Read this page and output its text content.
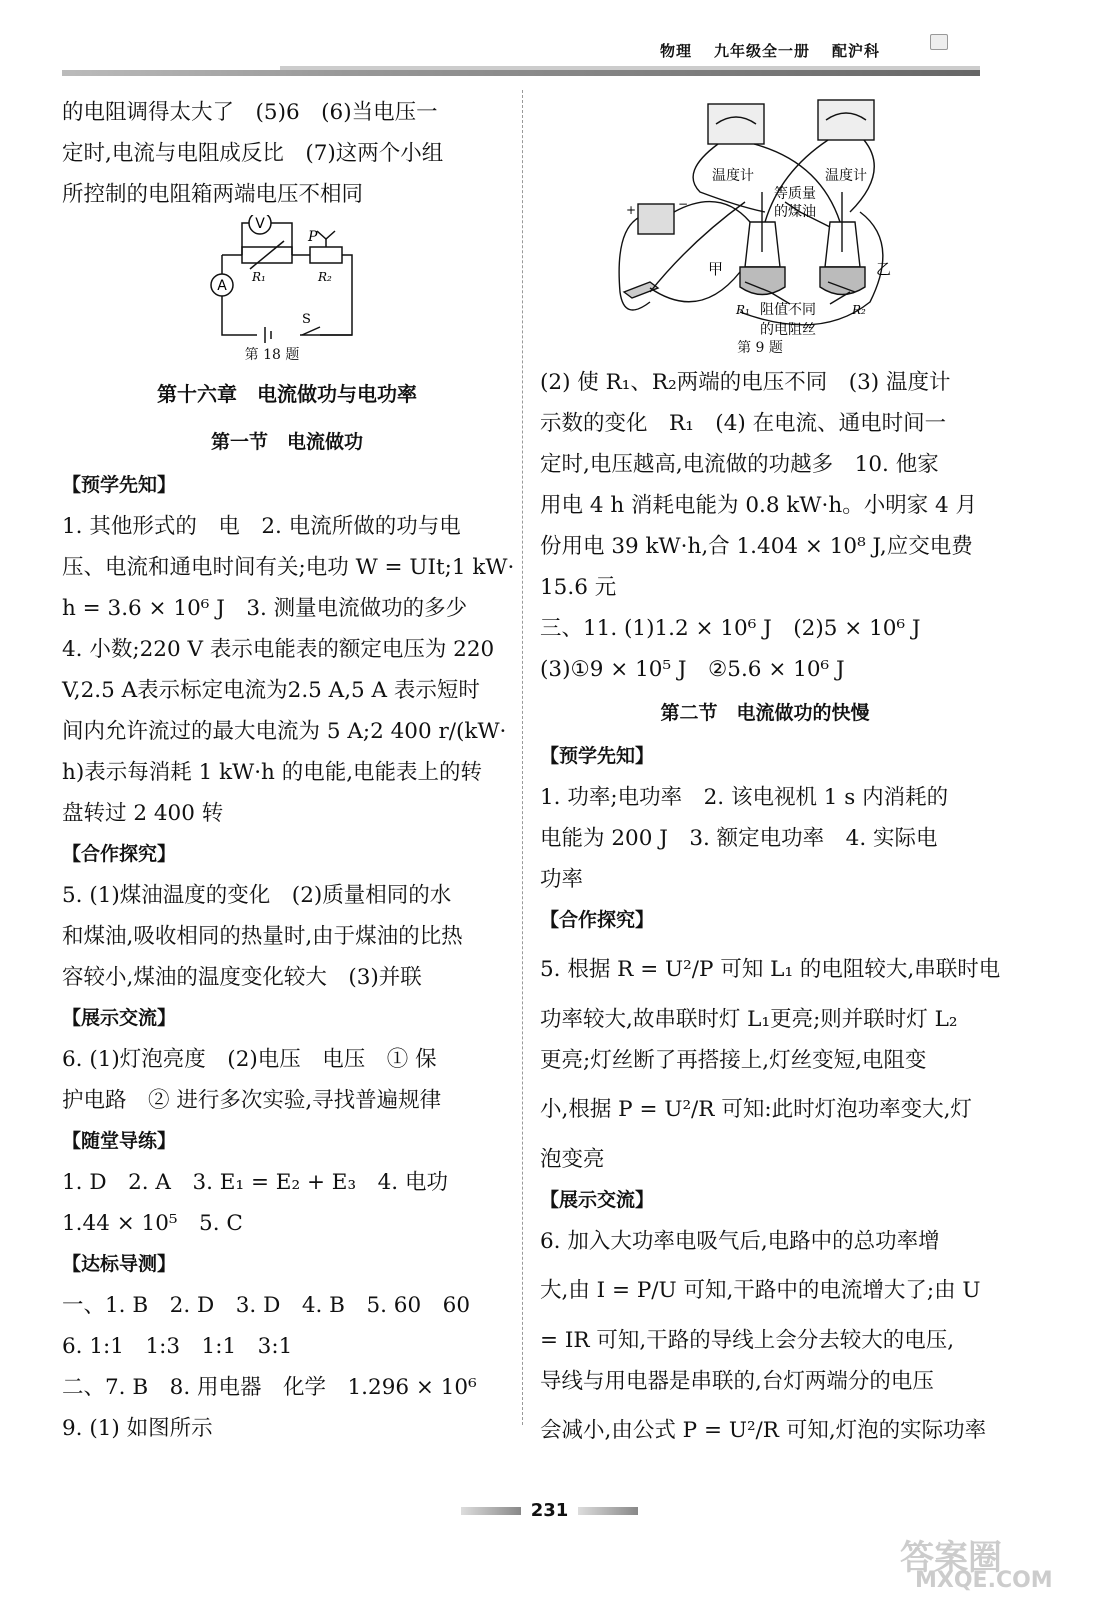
物理 九年级全一册 配沪科

的电阻调得太大了　(5)6　(6)当电压一

定时,电流与电阻成反比　(7)这两个小组

所控制的电阻箱两端电压不相同

V
A
P
R₁	R₂
S
第 18 题
第十六章　电流做功与电功率
第一节　电流做功
【预学先知】

1. 其他形式的　电　2. 电流所做的功与电

压、电流和通电时间有关;电功 W = UIt;1 kW·

h = 3.6 × 10⁶ J　3. 测量电流做功的多少

4. 小数;220 V 表示电能表的额定电压为 220

V,2.5 A表示标定电流为2.5 A,5 A 表示短时

间内允许流过的最大电流为 5 A;2 400 r/(kW·

h)表示每消耗 1 kW·h 的电能,电能表上的转

盘转过 2 400 转

【合作探究】

5. (1)煤油温度的变化　(2)质量相同的水

和煤油,吸收相同的热量时,由于煤油的比热

容较小,煤油的温度变化较大　(3)并联

【展示交流】

6. (1)灯泡亮度　(2)电压　电压　① 保

护电路　② 进行多次实验,寻找普遍规律

【随堂导练】

1. D　2. A　3. E₁ = E₂ + E₃　4. 电功

1.44 × 10⁵　5. C

【达标导测】

一、1. B　2. D　3. D　4. B　5. 60　60

6. 1:1　1:3　1:1　3:1

二、7. B　8. 用电器　化学　1.296 × 10⁶

9. (1) 如图所示

温度计	温度计
等质量
的煤油
甲	乙
R₁	R₂
阻值不同
的电阻丝
+	−
第 9 题

(2) 使 R₁、R₂两端的电压不同　(3) 温度计

示数的变化　R₁　(4) 在电流、通电时间一

定时,电压越高,电流做的功越多　10. 他家

用电 4 h 消耗电能为 0.8 kW·h。小明家 4 月

份用电 39 kW·h,合 1.404 × 10⁸ J,应交电费

15.6 元

三、11. (1)1.2 × 10⁶ J　(2)5 × 10⁶ J

(3)①9 × 10⁵ J　②5.6 × 10⁶ J

第二节　电流做功的快慢
【预学先知】

1. 功率;电功率　2. 该电视机 1 s 内消耗的

电能为 200 J　3. 额定电功率　4. 实际电

功率

【合作探究】

5. 根据 R = U²/P 可知 L₁ 的电阻较大,串联时电

功率较大,故串联时灯 L₁更亮;则并联时灯 L₂

更亮;灯丝断了再搭接上,灯丝变短,电阻变

小,根据 P = U²/R 可知:此时灯泡功率变大,灯

泡变亮

【展示交流】

6. 加入大功率电吸气后,电路中的总功率增

大,由 I = P/U 可知,干路中的电流增大了;由 U

= IR 可知,干路的导线上会分去较大的电压,

导线与用电器是串联的,台灯两端分的电压

会减小,由公式 P = U²/R 可知,灯泡的实际功率

231
答案圈
MXQE.COM
